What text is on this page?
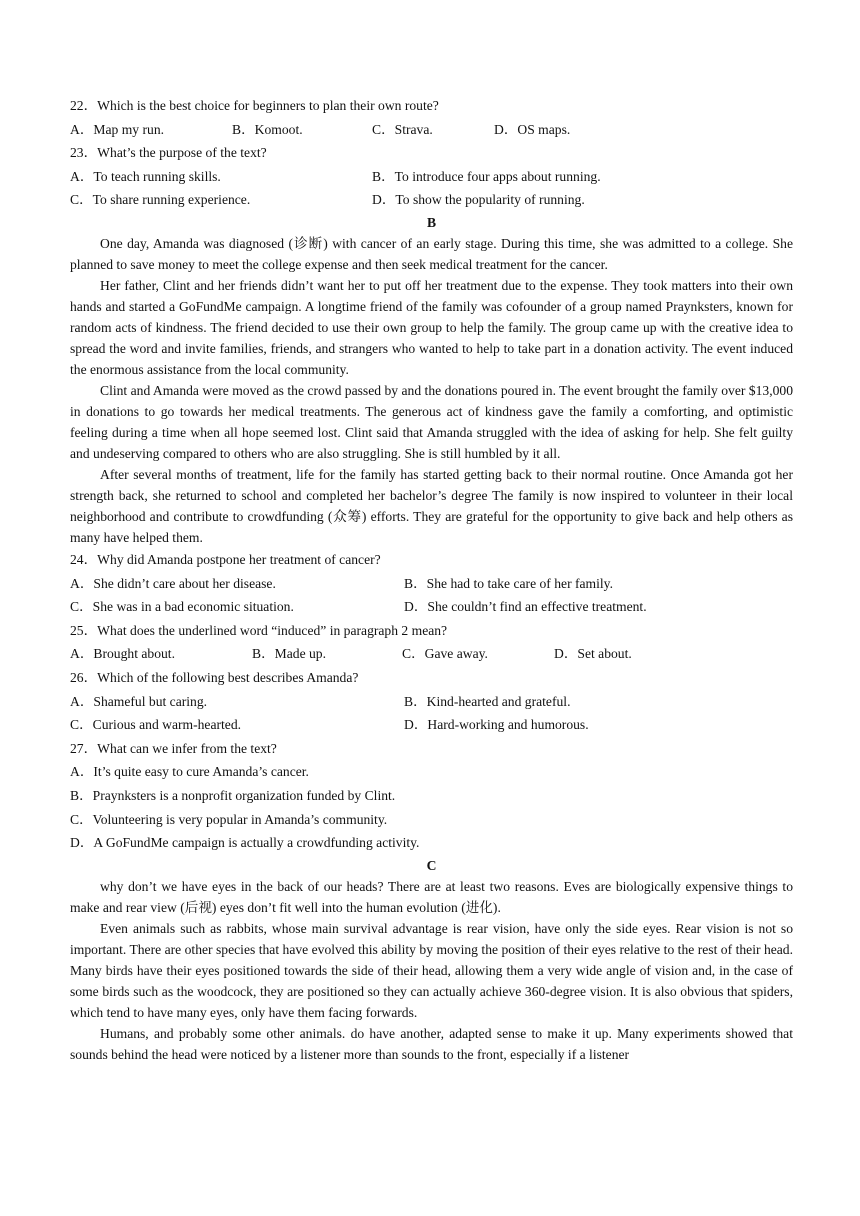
22．Which is the best choice for beginners to plan their own route?
A．Map my run.	B．Komoot.	C．Strava.	D．OS maps.
23．What’s the purpose of the text?
A．To teach running skills.	B．To introduce four apps about running.
C．To share running experience.	D．To show the popularity of running.
B

One day, Amanda was diagnosed (诊断) with cancer of an early stage. During this time, she was admitted to a college. She planned to save money to meet the college expense and then seek medical treatment for the cancer.

Her father, Clint and her friends didn’t want her to put off her treatment due to the expense. They took matters into their own hands and started a GoFundMe campaign. A longtime friend of the family was cofounder of a group named Praynksters, known for random acts of kindness. The friend decided to use their own group to help the family. The group came up with the creative idea to spread the word and invite families, friends, and strangers who wanted to help to take part in a donation activity. The event induced the enormous assistance from the local community.

Clint and Amanda were moved as the crowd passed by and the donations poured in. The event brought the family over $13,000 in donations to go towards her medical treatments. The generous act of kindness gave the family a comforting, and optimistic feeling during a time when all hope seemed lost. Clint said that Amanda struggled with the idea of asking for help. She felt guilty and undeserving compared to others who are also struggling. She is still humbled by it all.

After several months of treatment, life for the family has started getting back to their normal routine. Once Amanda got her strength back, she returned to school and completed her bachelor’s degree The family is now inspired to volunteer in their local neighborhood and contribute to crowdfunding (众筹) efforts. They are grateful for the opportunity to give back and help others as many have helped them.

24．Why did Amanda postpone her treatment of cancer?
A．She didn’t care about her disease.	B．She had to take care of her family.
C．She was in a bad economic situation.	D．She couldn’t find an effective treatment.
25．What does the underlined word “induced” in paragraph 2 mean?
A．Brought about.	B．Made up.	C．Gave away.	D．Set about.
26．Which of the following best describes Amanda?
A．Shameful but caring.	B．Kind-hearted and grateful.
C．Curious and warm-hearted.	D．Hard-working and humorous.
27．What can we infer from the text?
A．It’s quite easy to cure Amanda’s cancer.
B．Praynksters is a nonprofit organization funded by Clint.
C．Volunteering is very popular in Amanda’s community.
D．A GoFundMe campaign is actually a crowdfunding activity.
C

why don’t we have eyes in the back of our heads? There are at least two reasons. Eves are biologically expensive things to make and rear view (后视) eyes don’t fit well into the human evolution (进化).

Even animals such as rabbits, whose main survival advantage is rear vision, have only the side eyes. Rear vision is not so important. There are other species that have evolved this ability by moving the position of their eyes relative to the rest of their head. Many birds have their eyes positioned towards the side of their head, allowing them a very wide angle of vision and, in the case of some birds such as the woodcock, they are positioned so they can actually achieve 360-degree vision. It is also obvious that spiders, which tend to have many eyes, only have them facing forwards.

Humans, and probably some other animals. do have another, adapted sense to make it up. Many experiments showed that sounds behind the head were noticed by a listener more than sounds to the front, especially if a listener
